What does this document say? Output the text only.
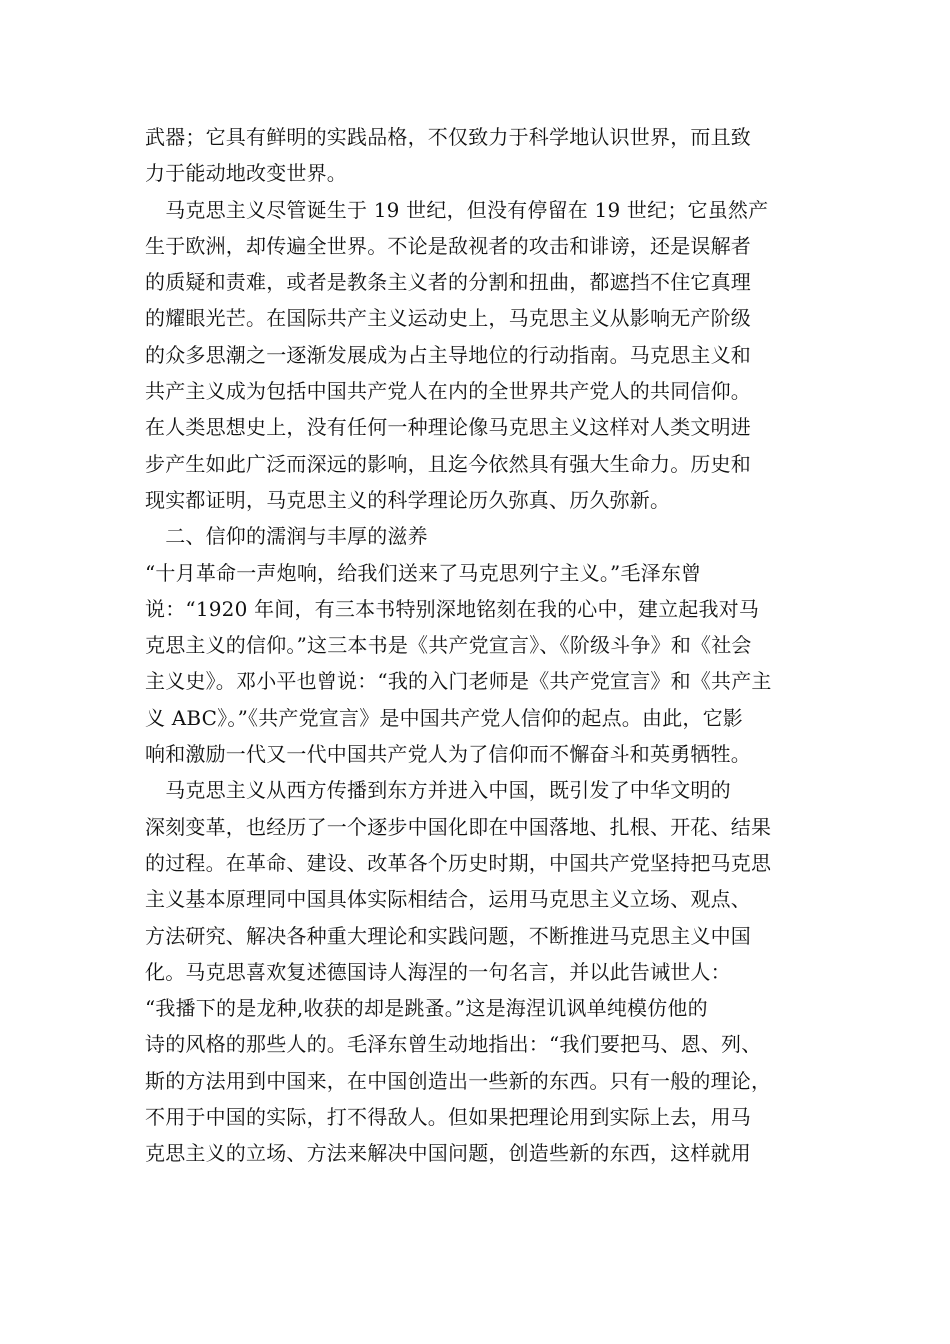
武器；它具有鲜明的实践品格，不仅致力于科学地认识世界，而且致
力于能动地改变世界。
　马克思主义尽管诞生于 19 世纪，但没有停留在 19 世纪；它虽然产
生于欧洲，却传遍全世界。不论是敌视者的攻击和诽谤，还是误解者
的质疑和责难，或者是教条主义者的分割和扭曲，都遮挡不住它真理
的耀眼光芒。在国际共产主义运动史上，马克思主义从影响无产阶级
的众多思潮之一逐渐发展成为占主导地位的行动指南。马克思主义和
共产主义成为包括中国共产党人在内的全世界共产党人的共同信仰。
在人类思想史上，没有任何一种理论像马克思主义这样对人类文明进
步产生如此广泛而深远的影响，且迄今依然具有强大生命力。历史和
现实都证明，马克思主义的科学理论历久弥真、历久弥新。
　二、信仰的濡润与丰厚的滋养
“十月革命一声炮响，给我们送来了马克思列宁主义。”毛泽东曾
说：“1920 年间，有三本书特别深地铭刻在我的心中，建立起我对马
克思主义的信仰。”这三本书是《共产党宣言》、《阶级斗争》和《社会
主义史》。邓小平也曾说：“我的入门老师是《共产党宣言》和《共产主
义 ABC》。”《共产党宣言》是中国共产党人信仰的起点。由此，它影
响和激励一代又一代中国共产党人为了信仰而不懈奋斗和英勇牺牲。
　马克思主义从西方传播到东方并进入中国，既引发了中华文明的
深刻变革，也经历了一个逐步中国化即在中国落地、扎根、开花、结果
的过程。在革命、建设、改革各个历史时期，中国共产党坚持把马克思
主义基本原理同中国具体实际相结合，运用马克思主义立场、观点、
方法研究、解决各种重大理论和实践问题，不断推进马克思主义中国
化。马克思喜欢复述德国诗人海涅的一句名言，并以此告诫世人：
“我播下的是龙种,收获的却是跳蚤。”这是海涅讥讽单纯模仿他的
诗的风格的那些人的。毛泽东曾生动地指出：“我们要把马、恩、列、
斯的方法用到中国来，在中国创造出一些新的东西。只有一般的理论，
不用于中国的实际，打不得敌人。但如果把理论用到实际上去，用马
克思主义的立场、方法来解决中国问题，创造些新的东西，这样就用
